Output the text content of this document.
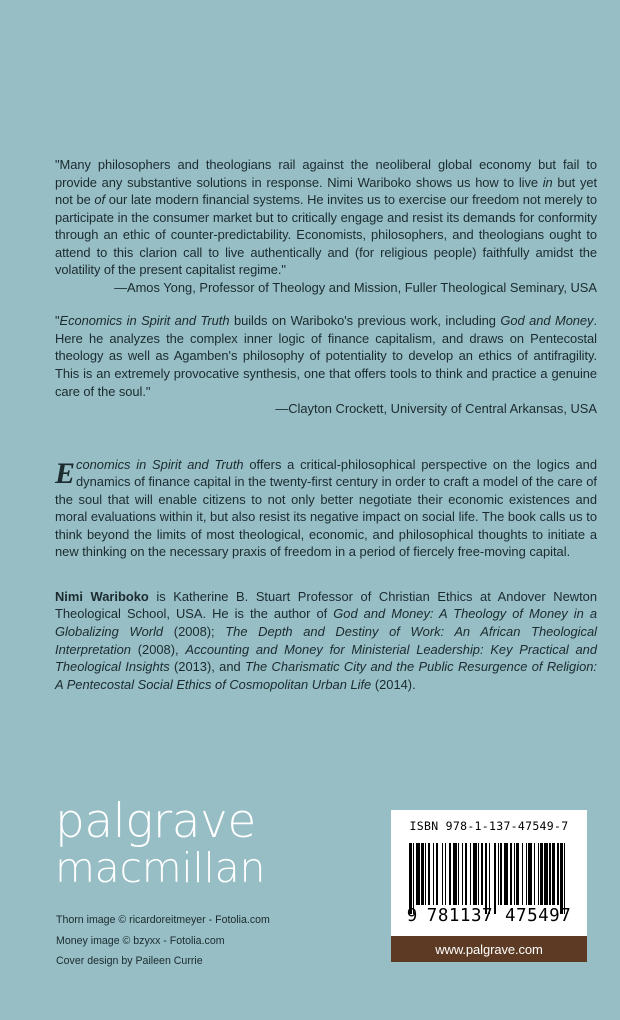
"Many philosophers and theologians rail against the neoliberal global economy but fail to provide any substantive solutions in response. Nimi Wariboko shows us how to live in but yet not be of our late modern financial systems. He invites us to exercise our freedom not merely to participate in the consumer market but to critically engage and resist its demands for conformity through an ethic of counter-predictability. Economists, philosophers, and theologians ought to attend to this clarion call to live authentically and (for religious people) faithfully amidst the volatility of the present capitalist regime."

—Amos Yong, Professor of Theology and Mission, Fuller Theological Seminary, USA

"Economics in Spirit and Truth builds on Wariboko's previous work, including God and Money. Here he analyzes the complex inner logic of finance capitalism, and draws on Pentecostal theology as well as Agamben's philosophy of potentiality to develop an ethics of antifragility. This is an extremely provocative synthesis, one that offers tools to think and practice a genuine care of the soul."

—Clayton Crockett, University of Central Arkansas, USA

Economics in Spirit and Truth offers a critical-philosophical perspective on the logics and dynamics of finance capital in the twenty-first century in order to craft a model of the care of the soul that will enable citizens to not only better negotiate their economic existences and moral evaluations within it, but also resist its negative impact on social life. The book calls us to think beyond the limits of most theological, economic, and philosophical thoughts to initiate a new thinking on the necessary praxis of freedom in a period of fiercely free-moving capital.

Nimi Wariboko is Katherine B. Stuart Professor of Christian Ethics at Andover Newton Theological School, USA. He is the author of God and Money: A Theology of Money in a Globalizing World (2008); The Depth and Destiny of Work: An African Theological Interpretation (2008), Accounting and Money for Ministerial Leadership: Key Practical and Theological Insights (2013), and The Charismatic City and the Public Resurgence of Religion: A Pentecostal Social Ethics of Cosmopolitan Urban Life (2014).

palgrave
macmillan
Thorn image © ricardoreitmeyer - Fotolia.com
Money image © bzyxx - Fotolia.com
Cover design by Paileen Currie
ISBN 978-1-137-47549-7
9 781137 475497
www.palgrave.com
